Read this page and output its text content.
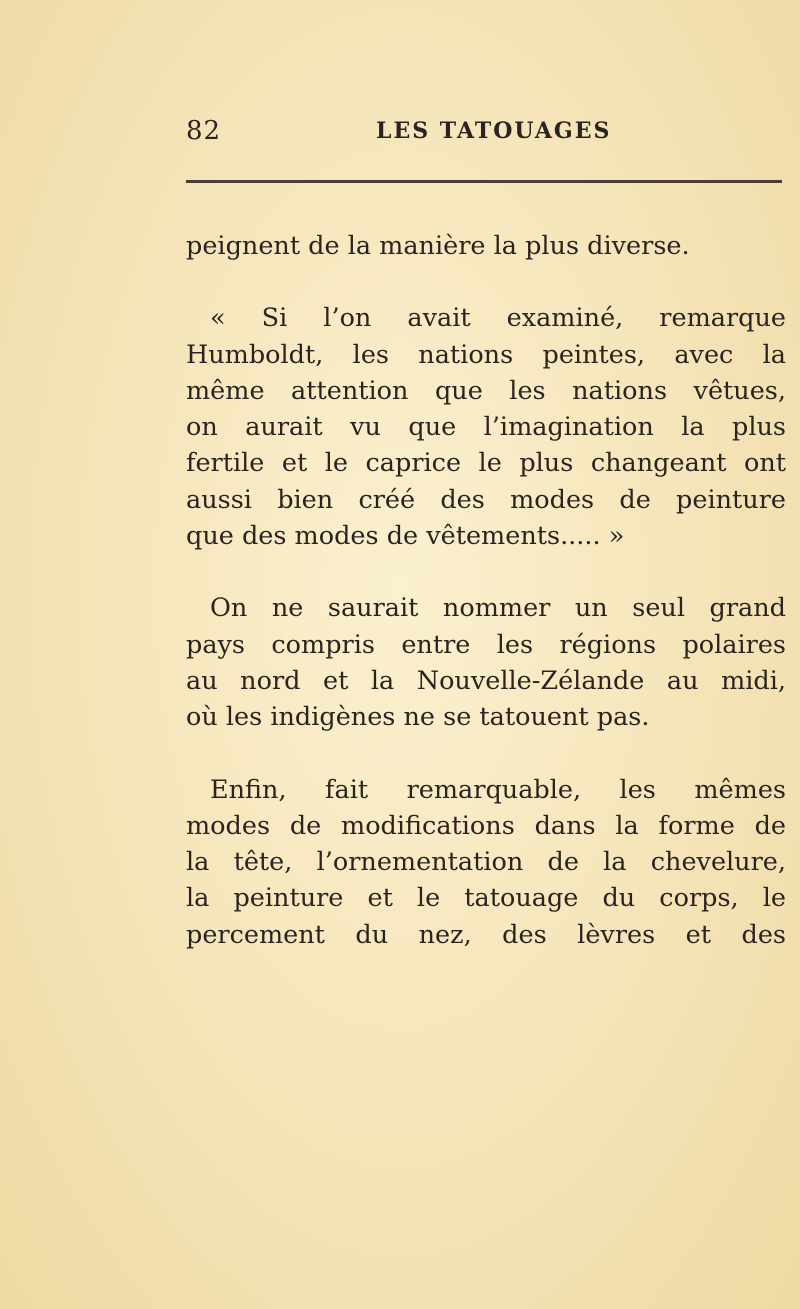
82	LES TATOUAGES
peignent de la manière la plus diverse.
« Si l’on avait examiné, remarque
Humboldt, les nations peintes, avec la
même attention que les nations vêtues,
on aurait vu que l’imagination la plus
fertile et le caprice le plus changeant ont
aussi bien créé des modes de peinture
que des modes de vêtements..... »
On ne saurait nommer un seul grand
pays compris entre les régions polaires
au nord et la Nouvelle-Zélande au midi,
où les indigènes ne se tatouent pas.
Enfin, fait remarquable, les mêmes
modes de modifications dans la forme de
la tête, l’ornementation de la chevelure,
la peinture et le tatouage du corps, le
percement du nez, des lèvres et des
